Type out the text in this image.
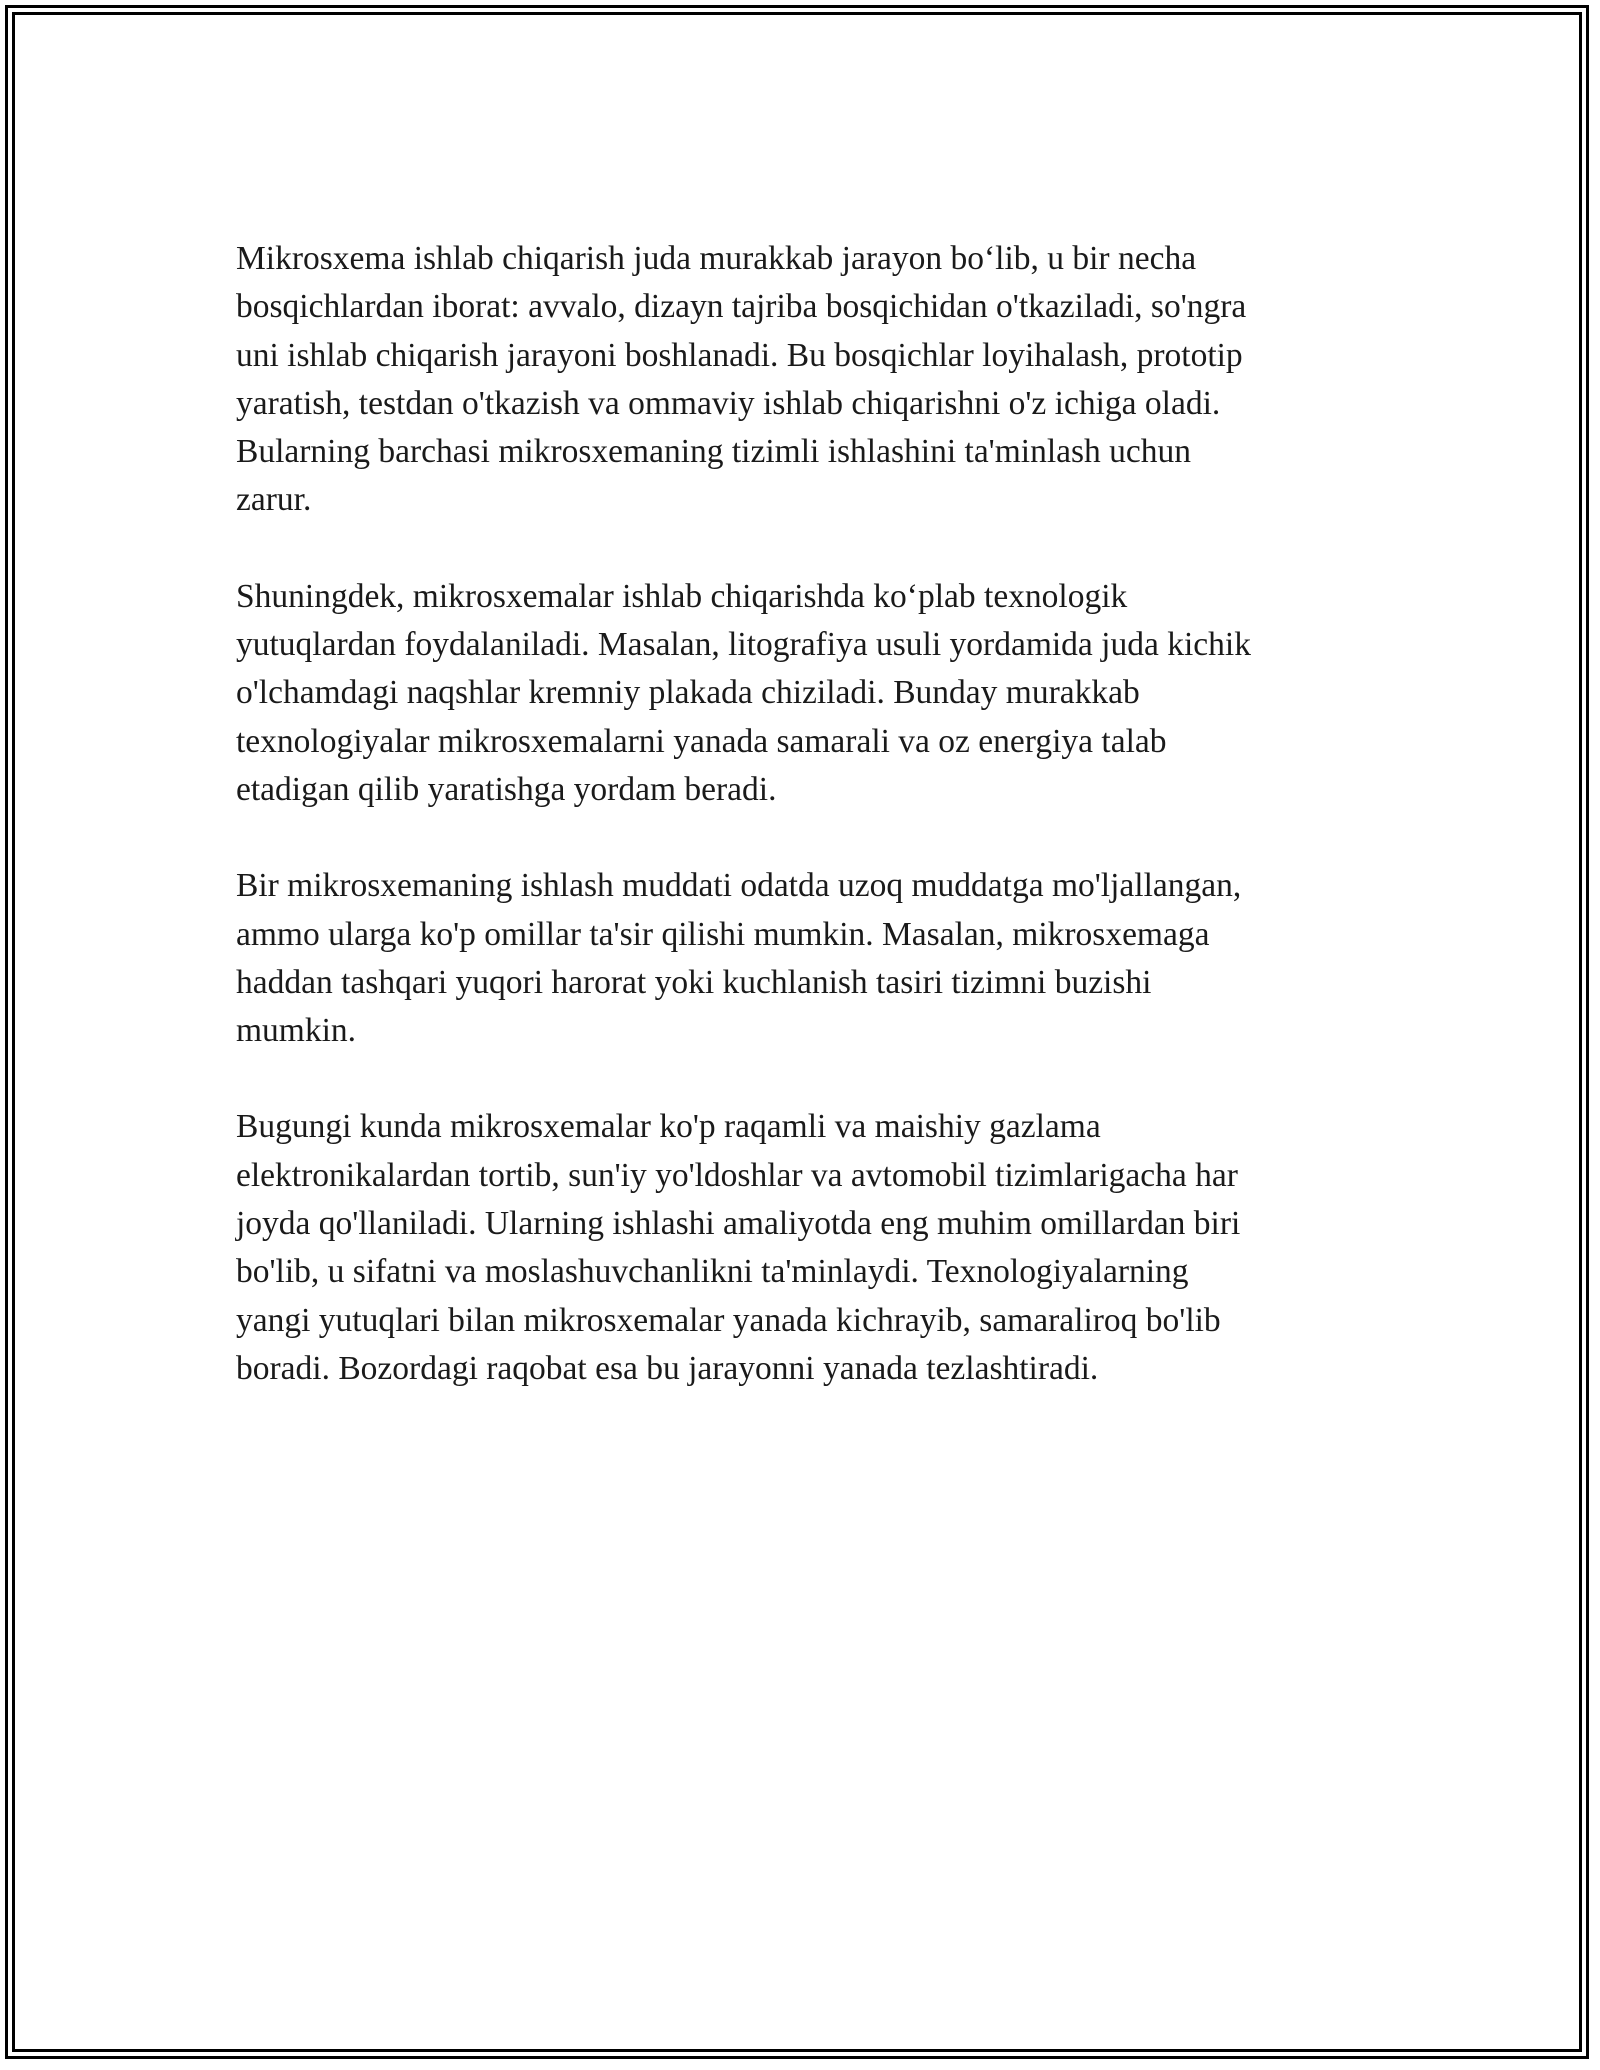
Mikrosxema ishlab chiqarish juda murakkab jarayon bo‘lib, u bir necha
bosqichlardan iborat: avvalo, dizayn tajriba bosqichidan o'tkaziladi, so'ngra
uni ishlab chiqarish jarayoni boshlanadi. Bu bosqichlar loyihalash, prototip
yaratish, testdan o'tkazish va ommaviy ishlab chiqarishni o'z ichiga oladi.
Bularning barchasi mikrosxemaning tizimli ishlashini ta'minlash uchun
zarur.

Shuningdek, mikrosxemalar ishlab chiqarishda ko‘plab texnologik
yutuqlardan foydalaniladi. Masalan, litografiya usuli yordamida juda kichik
o'lchamdagi naqshlar kremniy plakada chiziladi. Bunday murakkab
texnologiyalar mikrosxemalarni yanada samarali va oz energiya talab
etadigan qilib yaratishga yordam beradi.

Bir mikrosxemaning ishlash muddati odatda uzoq muddatga mo'ljallangan,
ammo ularga ko'p omillar ta'sir qilishi mumkin. Masalan, mikrosxemaga
haddan tashqari yuqori harorat yoki kuchlanish tasiri tizimni buzishi
mumkin.

Bugungi kunda mikrosxemalar ko'p raqamli va maishiy gazlama
elektronikalardan tortib, sun'iy yo'ldoshlar va avtomobil tizimlarigacha har
joyda qo'llaniladi. Ularning ishlashi amaliyotda eng muhim omillardan biri
bo'lib, u sifatni va moslashuvchanlikni ta'minlaydi. Texnologiyalarning
yangi yutuqlari bilan mikrosxemalar yanada kichrayib, samaraliroq bo'lib
boradi. Bozordagi raqobat esa bu jarayonni yanada tezlashtiradi.
